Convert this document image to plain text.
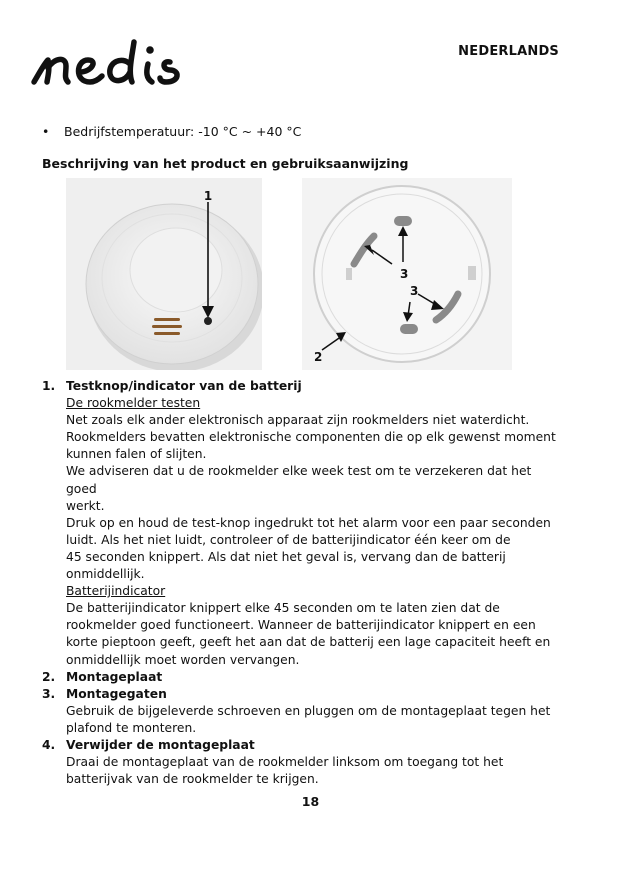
NEDERLANDS
• Bedrijfstemperatuur: -10 °C ~ +40 °C
Beschrijving van het product en gebruiksaanwijzing
1
3
3
2
1. Testknop/indicator van de batterij
De rookmelder testen
Net zoals elk ander elektronisch apparaat zijn rookmelders niet waterdicht.
Rookmelders bevatten elektronische componenten die op elk gewenst moment
kunnen falen of slijten.
We adviseren dat u de rookmelder elke week test om te verzekeren dat het goed
werkt.
Druk op en houd de test-knop ingedrukt tot het alarm voor een paar seconden
luidt. Als het niet luidt, controleer of de batterijindicator één keer om de
45 seconden knippert. Als dat niet het geval is, vervang dan de batterij
onmiddellijk.
Batterijindicator
De batterijindicator knippert elke 45 seconden om te laten zien dat de
rookmelder goed functioneert. Wanneer de batterijindicator knippert en een
korte pieptoon geeft, geeft het aan dat de batterij een lage capaciteit heeft en
onmiddellijk moet worden vervangen.
2. Montageplaat
3. Montagegaten
Gebruik de bijgeleverde schroeven en pluggen om de montageplaat tegen het
plafond te monteren.
4. Verwijder de montageplaat
Draai de montageplaat van de rookmelder linksom om toegang tot het
batterijvak van de rookmelder te krijgen.
18
